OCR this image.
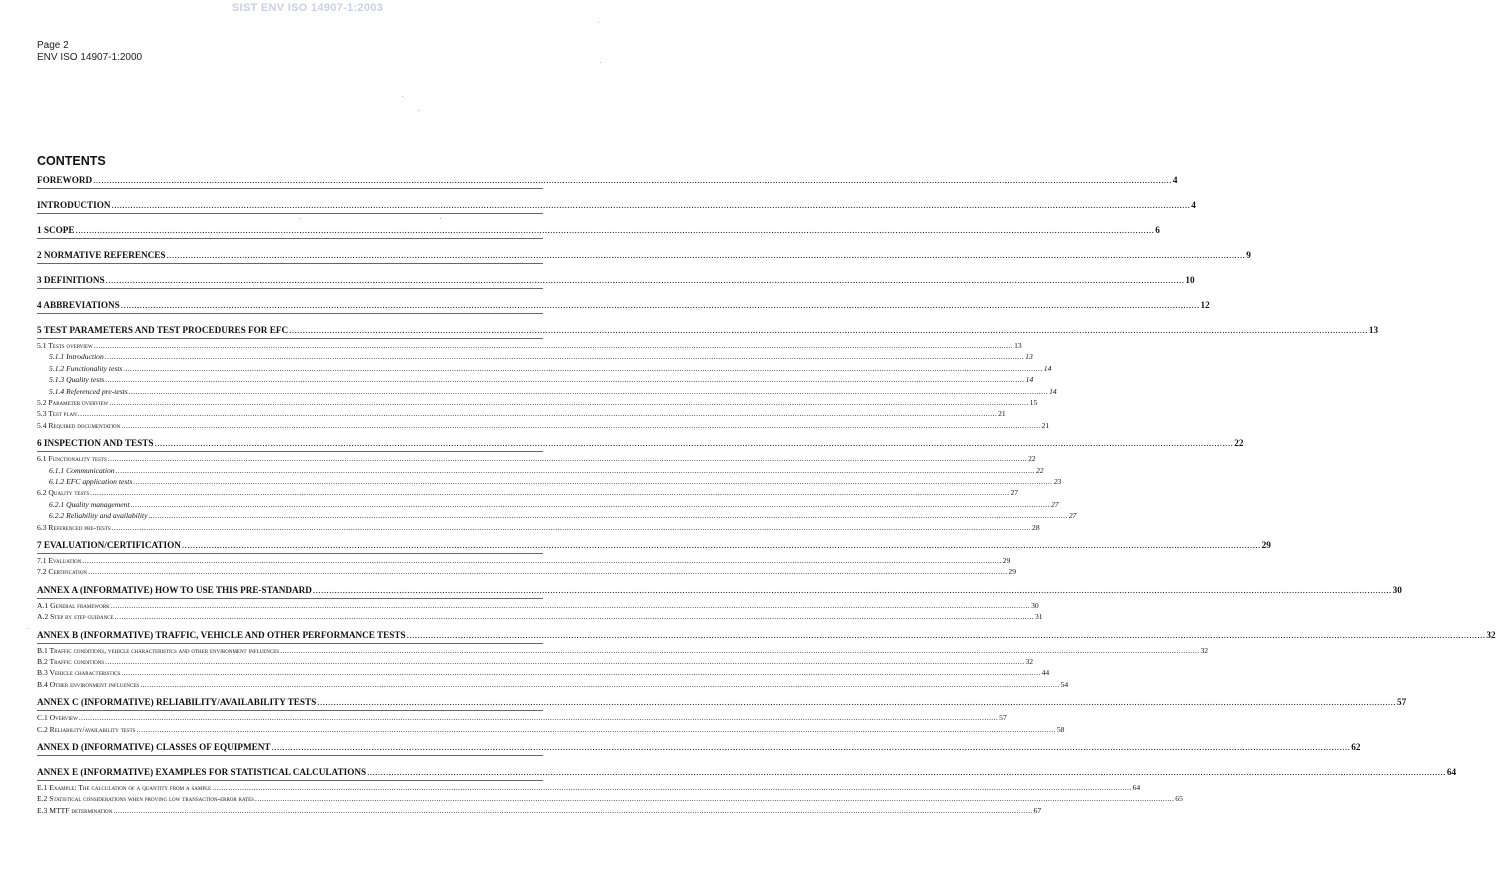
SIST ENV ISO 14907-1:2003
Page 2
ENV ISO 14907-1:2000
CONTENTS
FOREWORD ................................................................................................................................................................................................................................................................................................................................................................................................................ 4
INTRODUCTION ................................................................................................................................................................................................................................................................................................................................................................................................................ 4
1 SCOPE ................................................................................................................................................................................................................................................................................................................................................................................................................ 6
2 NORMATIVE REFERENCES ................................................................................................................................................................................................................................................................................................................................................................................................................ 9
3 DEFINITIONS ................................................................................................................................................................................................................................................................................................................................................................................................................ 10
4 ABBREVIATIONS ................................................................................................................................................................................................................................................................................................................................................................................................................ 12
5 TEST PARAMETERS AND TEST PROCEDURES FOR EFC ................................................................................................................................................................................................................................................................................................................................................................................................................ 13
5.1 Tests overview ................................................................................................................................................................................................................................................................................................................................................................................................................ 13
5.1.1 Introduction ................................................................................................................................................................................................................................................................................................................................................................................................................ 13
5.1.2 Functionality tests ................................................................................................................................................................................................................................................................................................................................................................................................................ 14
5.1.3 Quality tests ................................................................................................................................................................................................................................................................................................................................................................................................................ 14
5.1.4 Referenced pre-tests ................................................................................................................................................................................................................................................................................................................................................................................................................ 14
5.2 Parameter overview ................................................................................................................................................................................................................................................................................................................................................................................................................ 15
5.3 Test plan ................................................................................................................................................................................................................................................................................................................................................................................................................ 21
5.4 Required documentation ................................................................................................................................................................................................................................................................................................................................................................................................................ 21
6 INSPECTION AND TESTS ................................................................................................................................................................................................................................................................................................................................................................................................................ 22
6.1 Functionality tests ................................................................................................................................................................................................................................................................................................................................................................................................................ 22
6.1.1 Communication ................................................................................................................................................................................................................................................................................................................................................................................................................ 22
6.1.2 EFC application tests ................................................................................................................................................................................................................................................................................................................................................................................................................ 23
6.2 Quality tests ................................................................................................................................................................................................................................................................................................................................................................................................................ 27
6.2.1 Quality management ................................................................................................................................................................................................................................................................................................................................................................................................................ 27
6.2.2 Reliability and availability ................................................................................................................................................................................................................................................................................................................................................................................................................ 27
6.3 Referenced pre-tests ................................................................................................................................................................................................................................................................................................................................................................................................................ 28
7 EVALUATION/CERTIFICATION ................................................................................................................................................................................................................................................................................................................................................................................................................ 29
7.1 Evaluation ................................................................................................................................................................................................................................................................................................................................................................................................................ 29
7.2 Certification ................................................................................................................................................................................................................................................................................................................................................................................................................ 29
ANNEX A (INFORMATIVE) HOW TO USE THIS PRE-STANDARD ................................................................................................................................................................................................................................................................................................................................................................................................................ 30
A.1 General framework ................................................................................................................................................................................................................................................................................................................................................................................................................ 30
A.2 Step by step guidance ................................................................................................................................................................................................................................................................................................................................................................................................................ 31
ANNEX B (INFORMATIVE) TRAFFIC, VEHICLE AND OTHER PERFORMANCE TESTS ................................................................................................................................................................................................................................................................................................................................................................................................................ 32
B.1 Traffic conditions, vehicle characteristics and other environment influences ................................................................................................................................................................................................................................................................................................................................................................................................................ 32
B.2 Traffic conditions ................................................................................................................................................................................................................................................................................................................................................................................................................ 32
B.3 Vehicle characteristics ................................................................................................................................................................................................................................................................................................................................................................................................................ 44
B.4 Other environment influences ................................................................................................................................................................................................................................................................................................................................................................................................................ 54
ANNEX C (INFORMATIVE) RELIABILITY/AVAILABILITY TESTS ................................................................................................................................................................................................................................................................................................................................................................................................................ 57
C.1 Overview ................................................................................................................................................................................................................................................................................................................................................................................................................ 57
C.2 Reliability/availability tests ................................................................................................................................................................................................................................................................................................................................................................................................................ 58
ANNEX D (INFORMATIVE) CLASSES OF EQUIPMENT ................................................................................................................................................................................................................................................................................................................................................................................................................ 62
ANNEX E (INFORMATIVE) EXAMPLES FOR STATISTICAL CALCULATIONS ................................................................................................................................................................................................................................................................................................................................................................................................................ 64
E.1 Example: The calculation of a quantity from a sample ................................................................................................................................................................................................................................................................................................................................................................................................................ 64
E.2 Statistical considerations when proving low transaction-error rates ................................................................................................................................................................................................................................................................................................................................................................................................................ 65
E.3 MTTF determination ................................................................................................................................................................................................................................................................................................................................................................................................................ 67
